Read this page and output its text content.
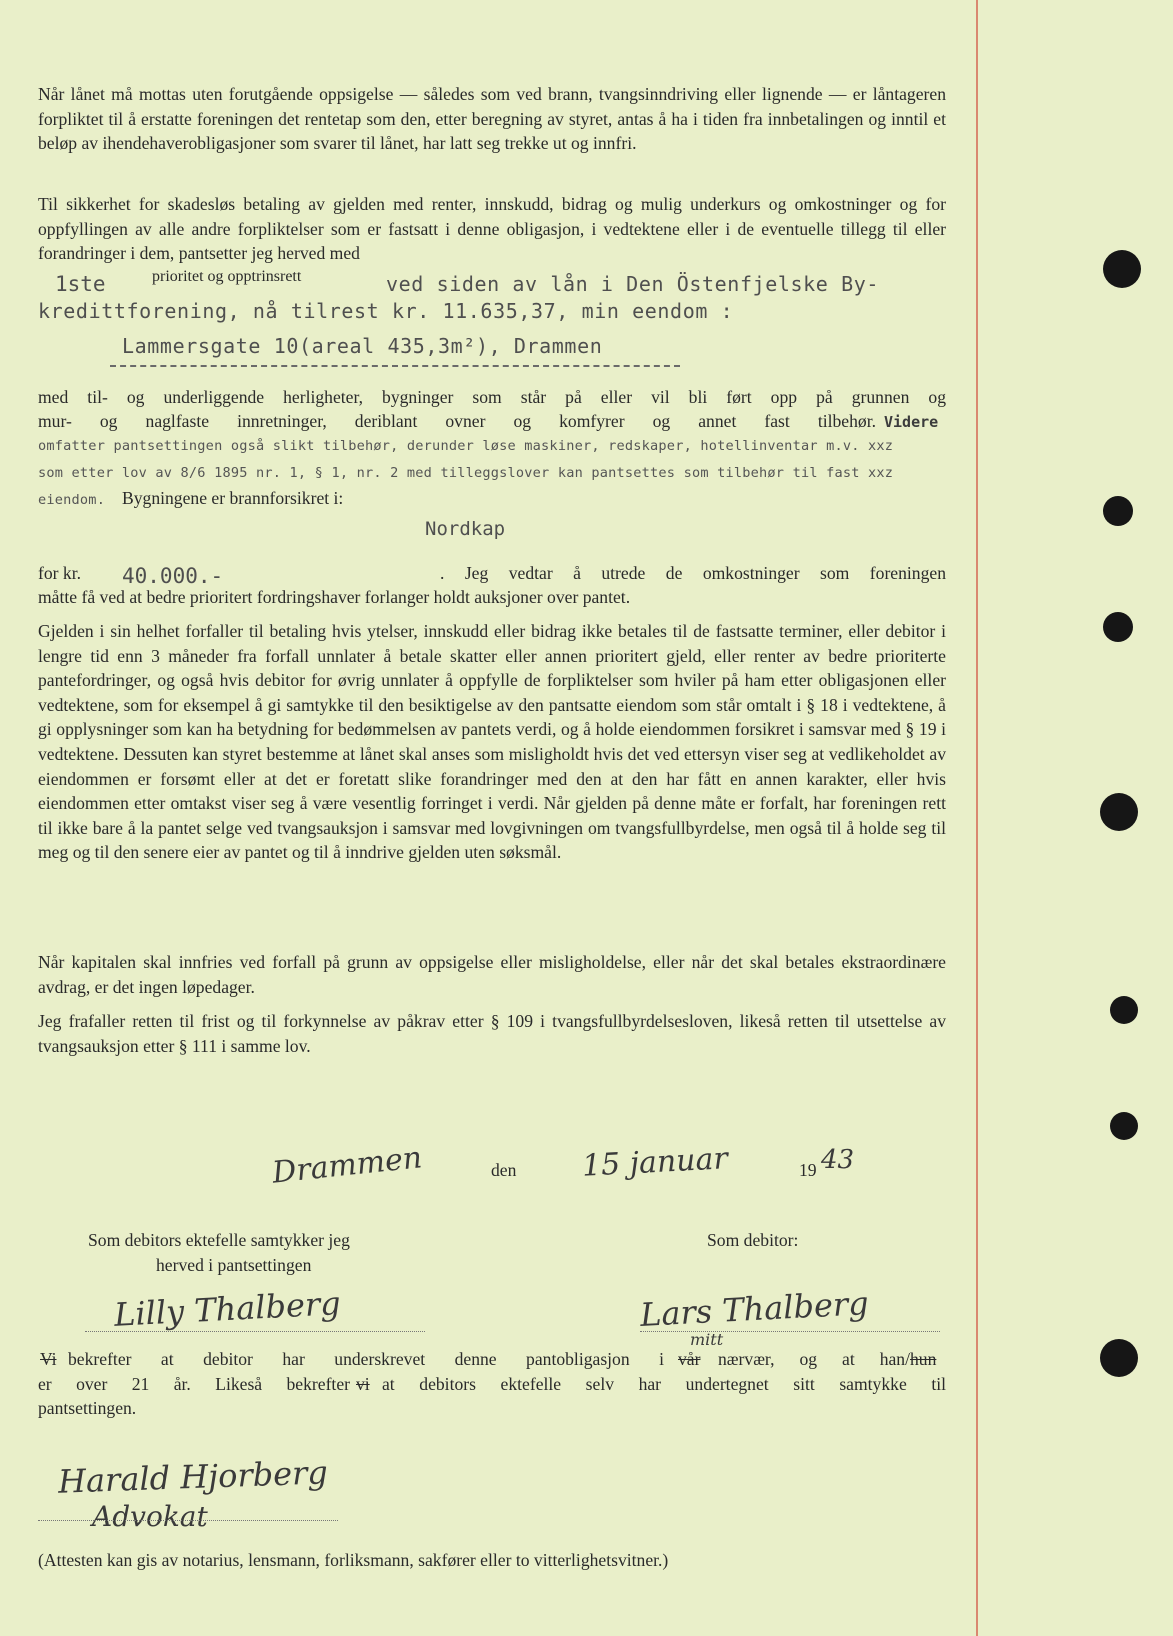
Når lånet må mottas uten forutgående oppsigelse — således som ved brann, tvangsinndriving eller lignende — er låntageren forpliktet til å erstatte foreningen det rentetap som den, etter beregning av styret, antas å ha i tiden fra innbetalingen og inntil et beløp av ihendehaverobligasjoner som svarer til lånet, har latt seg trekke ut og innfri.
Til sikkerhet for skadesløs betaling av gjelden med renter, innskudd, bidrag og mulig underkurs og omkostninger og for oppfyllingen av alle andre forpliktelser som er fastsatt i denne obligasjon, i vedtektene eller i de eventuelle tillegg til eller forandringer i dem, pantsetter jeg herved med
1ste	prioritet og opptrinsrett	ved siden av lån i Den Östenfjelske By-
kredittforening, nå tilrest kr. 11.635,37, min eendom :
Lammersgate 10(areal 435,3m²), Drammen
med til- og underliggende herligheter, bygninger som står på eller vil bli ført opp på grunnen og
mur- og naglfaste innretninger, deriblant ovner og komfyrer og annet fast tilbehør. Videre
omfatter pantsettingen også slikt tilbehør, derunder løse maskiner, redskaper, hotellinventar m.v. xxz
som etter lov av 8/6 1895 nr. 1, § 1, nr. 2 med tilleggslover kan pantsettes som tilbehør til fast xxz
eiendom. Bygningene er brannforsikret i:
Nordkap
for kr. 40.000.-	. Jeg vedtar å utrede de omkostninger som foreningen
måtte få ved at bedre prioritert fordringshaver forlanger holdt auksjoner over pantet.
Gjelden i sin helhet forfaller til betaling hvis ytelser, innskudd eller bidrag ikke betales til de fastsatte terminer, eller debitor i lengre tid enn 3 måneder fra forfall unnlater å betale skatter eller annen prioritert gjeld, eller renter av bedre prioriterte pantefordringer, og også hvis debitor for øvrig unnlater å oppfylle de forpliktelser som hviler på ham etter obligasjonen eller vedtektene, som for eksempel å gi samtykke til den besiktigelse av den pantsatte eiendom som står omtalt i § 18 i vedtektene, å gi opplysninger som kan ha betydning for bedømmelsen av pantets verdi, og å holde eiendommen forsikret i samsvar med § 19 i vedtektene. Dessuten kan styret bestemme at lånet skal anses som misligholdt hvis det ved ettersyn viser seg at vedlikeholdet av eiendommen er forsømt eller at det er foretatt slike forandringer med den at den har fått en annen karakter, eller hvis eiendommen etter omtakst viser seg å være vesentlig forringet i verdi. Når gjelden på denne måte er forfalt, har foreningen rett til ikke bare å la pantet selge ved tvangsauksjon i samsvar med lovgivningen om tvangsfullbyrdelse, men også til å holde seg til meg og til den senere eier av pantet og til å inndrive gjelden uten søksmål.
Når kapitalen skal innfries ved forfall på grunn av oppsigelse eller misligholdelse, eller når det skal betales ekstraordinære avdrag, er det ingen løpedager.
Jeg frafaller retten til frist og til forkynnelse av påkrav etter § 109 i tvangsfullbyrdelsesloven, likeså retten til utsettelse av tvangsauksjon etter § 111 i samme lov.
Drammen	den 15 januar	19 43
Som debitors ektefelle samtykker jeg
herved i pantsettingen
Som debitor:
Lilly Thalberg	Lars Thalberg
Vi bekrefter at debitor har underskrevet denne pantobligasjon i
mitt
vår nærvær, og at han/ hun
er over 21 år. Likeså bekrefter vi at debitors ektefelle selv har undertegnet sitt samtykke til
pantsettingen.
Harald Hjorberg
Advokat
(Attesten kan gis av notarius, lensmann, forliksmann, sakfører eller to vitterlighetsvitner.)
